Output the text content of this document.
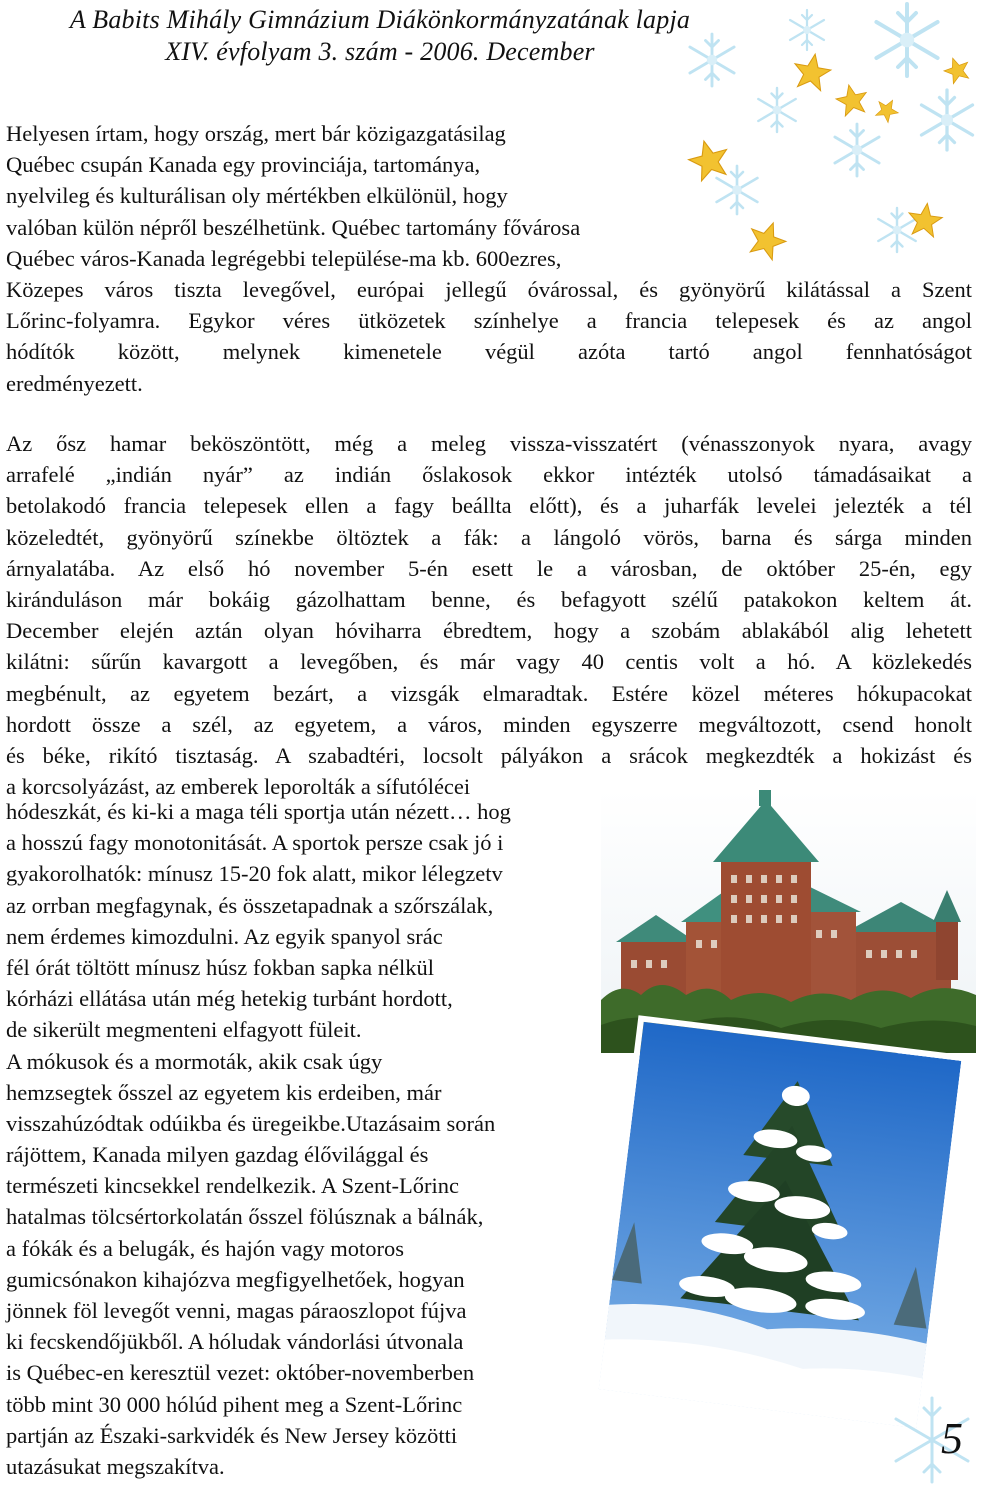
A Babits Mihály Gimnázium Diákönkormányzatának lapja
XIV. évfolyam 3. szám - 2006. December
Helyesen írtam, hogy ország, mert bár közigazgatásilag
Québec csupán Kanada egy provinciája, tartománya,
nyelvileg és kulturálisan oly mértékben elkülönül, hogy
valóban külön népről beszélhetünk. Québec tartomány fővárosa
Québec város-Kanada legrégebbi települése-ma kb. 600ezres,
Közepes város tiszta levegővel, európai jellegű óvárossal, és gyönyörű kilátással a Szent
Lőrinc-folyamra. Egykor véres ütközetek színhelye a francia telepesek és az angol
hódítók között, melynek kimenetele végül azóta tartó angol fennhatóságot
eredményezett.
Az ősz hamar beköszöntött, még a meleg vissza-visszatért (vénasszonyok nyara, avagy
arrafelé „indián nyár” az indián őslakosok ekkor intézték utolsó támadásaikat a
betolakodó francia telepesek ellen a fagy beállta előtt), és a juharfák levelei jelezték a tél
közeledtét, gyönyörű színekbe öltöztek a fák: a lángoló vörös, barna és sárga minden
árnyalatába. Az első hó november 5-én esett le a városban, de október 25-én, egy
kiránduláson már bokáig gázolhattam benne, és befagyott szélű patakokon keltem át.
December elején aztán olyan hóviharra ébredtem, hogy a szobám ablakából alig lehetett
kilátni: sűrűn kavargott a levegőben, és már vagy 40 centis volt a hó. A közlekedés
megbénult, az egyetem bezárt, a vizsgák elmaradtak. Estére közel méteres hókupacokat
hordott össze a szél, az egyetem, a város, minden egyszerre megváltozott, csend honolt
és béke, rikító tisztaság. A szabadtéri, locsolt pályákon a srácok megkezdték a hokizást és
a korcsolyázást, az emberek leporolták a sífutólécei
hódeszkát, és ki-ki a maga téli sportja után nézett… hog
a hosszú fagy monotonitását. A sportok persze csak jó i
gyakorolhatók: mínusz 15-20 fok alatt, mikor lélegzetv
az orrban megfagynak, és összetapadnak a szőrszálak,
nem érdemes kimozdulni. Az egyik spanyol srác
fél órát töltött mínusz húsz fokban sapka nélkül
kórházi ellátása után még hetekig turbánt hordott,
de sikerült megmenteni elfagyott füleit.
A mókusok és a mormoták, akik csak úgy
hemzsegtek ősszel az egyetem kis erdeiben, már
visszahúzódtak odúikba és üregeikbe.Utazásaim során
rájöttem, Kanada milyen gazdag élővilággal és
természeti kincsekkel rendelkezik. A Szent-Lőrinc
hatalmas tölcsértorkolatán ősszel fölúsznak a bálnák,
a fókák és a belugák, és hajón vagy motoros
gumicsónakon kihajózva megfigyelhetőek, hogyan
jönnek föl levegőt venni, magas páraoszlopot fújva
ki fecskendőjükből. A hóludak vándorlási útvonala
is Québec-en keresztül vezet: október-novemberben
több mint 30 000 hólúd pihent meg a Szent-Lőrinc
partján az Északi-sarkvidék és New Jersey közötti
utazásukat megszakítva.
5
